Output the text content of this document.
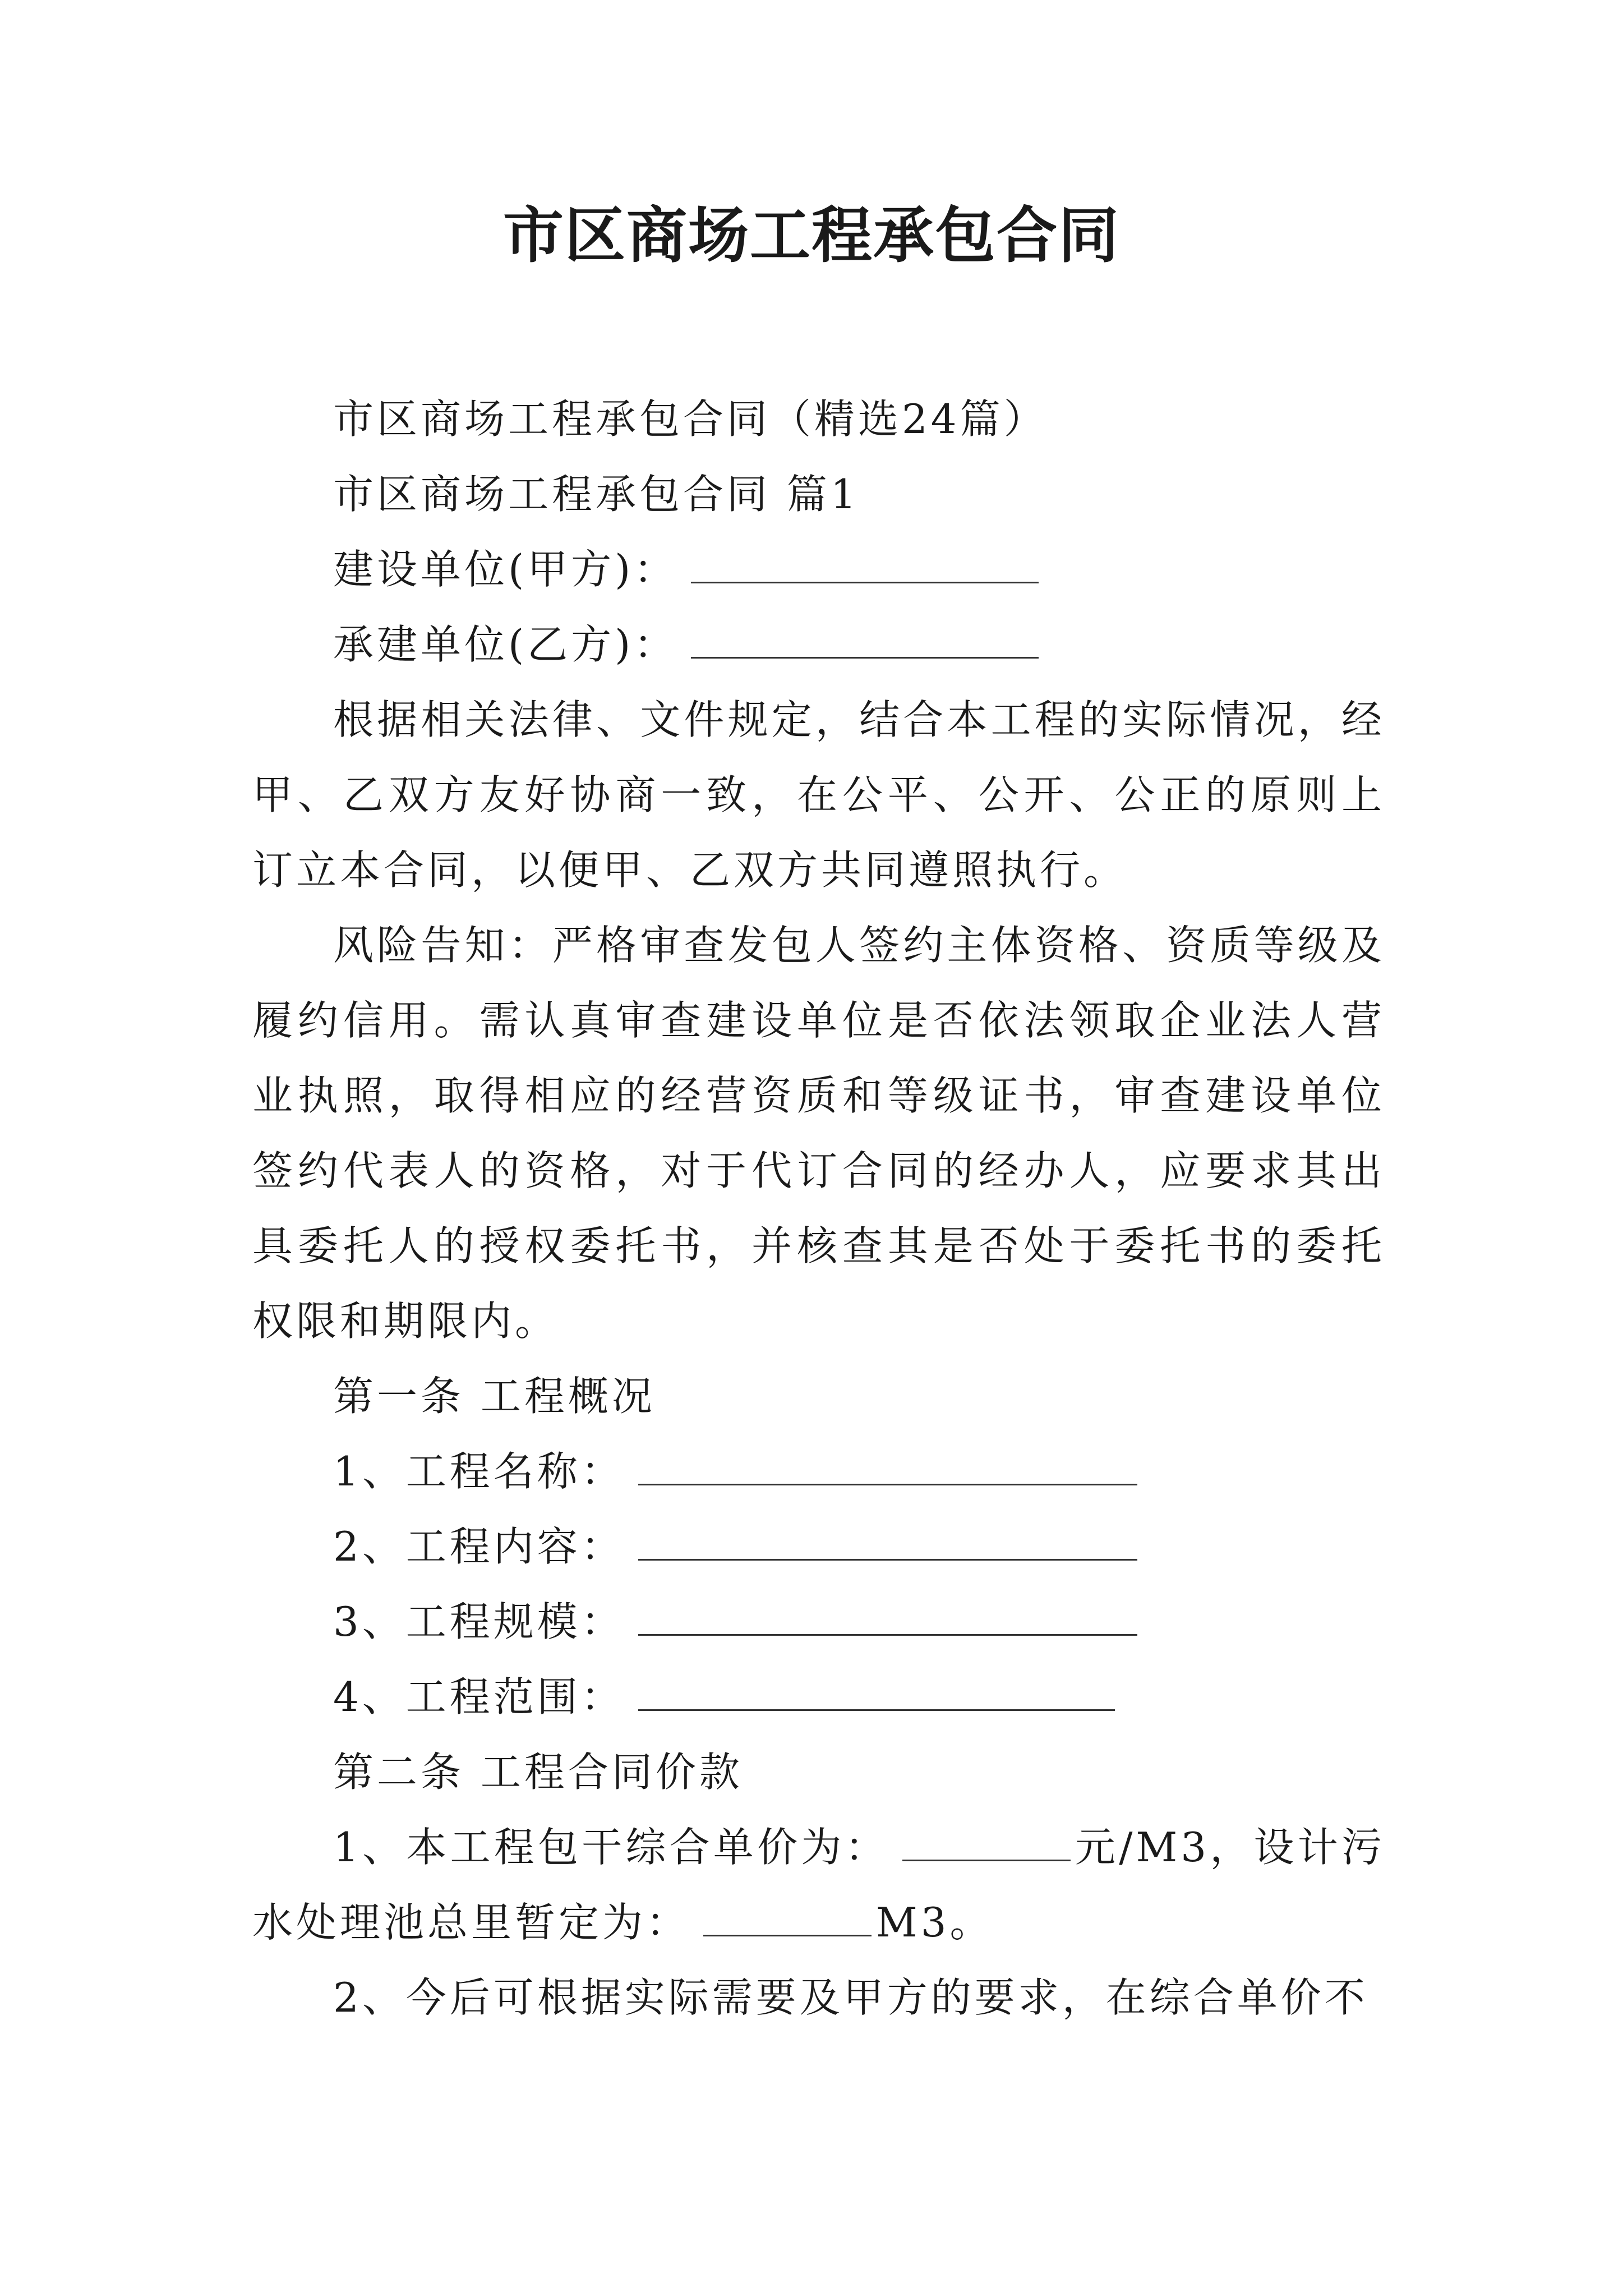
市区商场工程承包合同

市区商场工程承包合同（精选24篇）

市区商场工程承包合同 篇1

建设单位(甲方)：

承建单位(乙方)：

根据相关法律、文件规定，结合本工程的实际情况，经甲、乙双方友好协商一致，在公平、公开、公正的原则上订立本合同，以便甲、乙双方共同遵照执行。

风险告知：严格审查发包人签约主体资格、资质等级及履约信用。需认真审查建设单位是否依法领取企业法人营业执照，取得相应的经营资质和等级证书，审查建设单位签约代表人的资格，对于代订合同的经办人，应要求其出具委托人的授权委托书，并核查其是否处于委托书的委托权限和期限内。

第一条 工程概况

1、工程名称：

2、工程内容：

3、工程规模：

4、工程范围：

第二条 工程合同价款

1、本工程包干综合单价为：	元/M3，设计污水处理池总里暂定为：	M3。

2、今后可根据实际需要及甲方的要求，在综合单价不
